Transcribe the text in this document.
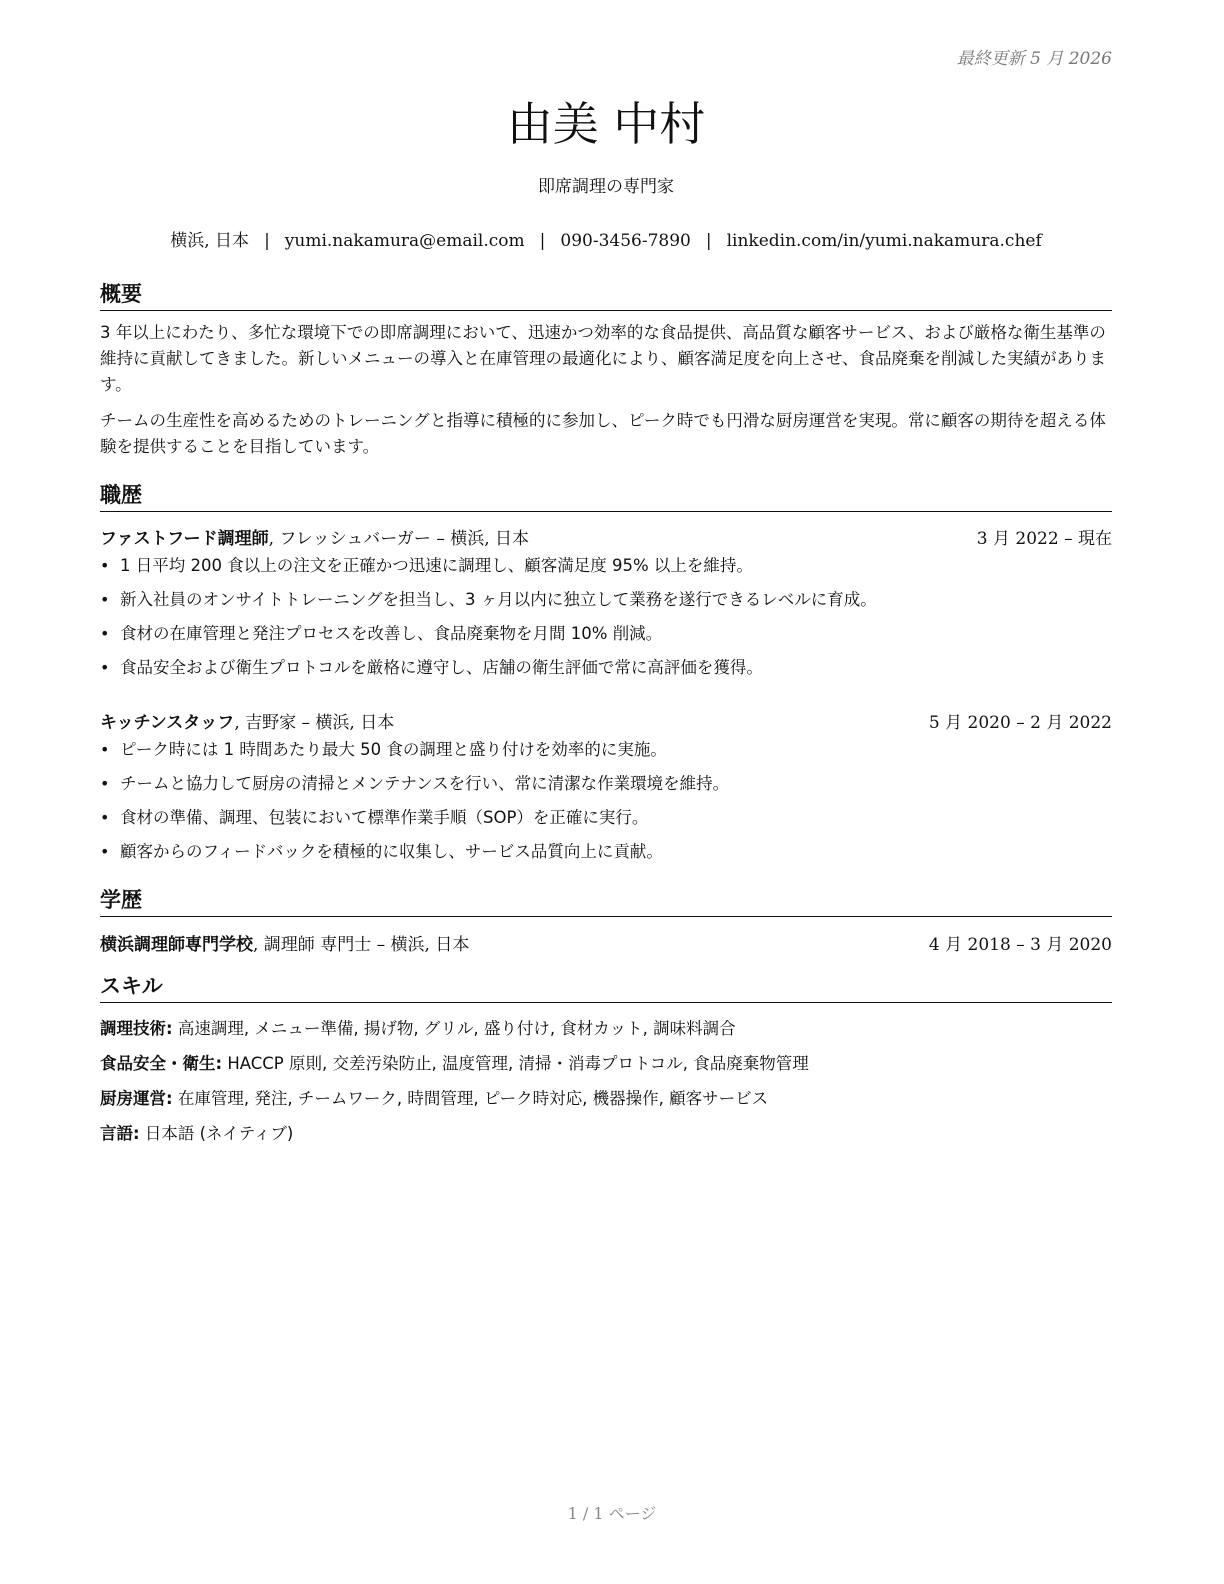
最終更新 5 月 2026
由美 中村
即席調理の専門家
横浜, 日本 | yumi.nakamura@email.com | 090-3456-7890 | linkedin.com/in/yumi.nakamura.chef
概要
3 年以上にわたり、多忙な環境下での即席調理において、迅速かつ効率的な食品提供、高品質な顧客サービス、および厳格な衛生基準の維持に貢献してきました。新しいメニューの導入と在庫管理の最適化により、顧客満足度を向上させ、食品廃棄を削減した実績があります。
チームの生産性を高めるためのトレーニングと指導に積極的に参加し、ピーク時でも円滑な厨房運営を実現。常に顧客の期待を超える体験を提供することを目指しています。
職歴
ファストフード調理師, フレッシュバーガー – 横浜, 日本	3 月 2022 – 現在
• 1 日平均 200 食以上の注文を正確かつ迅速に調理し、顧客満足度 95% 以上を維持。
• 新入社員のオンサイトトレーニングを担当し、3 ヶ月以内に独立して業務を遂行できるレベルに育成。
• 食材の在庫管理と発注プロセスを改善し、食品廃棄物を月間 10% 削減。
• 食品安全および衛生プロトコルを厳格に遵守し、店舗の衛生評価で常に高評価を獲得。
キッチンスタッフ, 吉野家 – 横浜, 日本	5 月 2020 – 2 月 2022
• ピーク時には 1 時間あたり最大 50 食の調理と盛り付けを効率的に実施。
• チームと協力して厨房の清掃とメンテナンスを行い、常に清潔な作業環境を維持。
• 食材の準備、調理、包装において標準作業手順（SOP）を正確に実行。
• 顧客からのフィードバックを積極的に収集し、サービス品質向上に貢献。
学歴
横浜調理師専門学校, 調理師 専門士 – 横浜, 日本	4 月 2018 – 3 月 2020
スキル
調理技術: 高速調理, メニュー準備, 揚げ物, グリル, 盛り付け, 食材カット, 調味料調合
食品安全・衛生: HACCP 原則, 交差汚染防止, 温度管理, 清掃・消毒プロトコル, 食品廃棄物管理
厨房運営: 在庫管理, 発注, チームワーク, 時間管理, ピーク時対応, 機器操作, 顧客サービス
言語: 日本語 (ネイティブ)
1 / 1 ページ
